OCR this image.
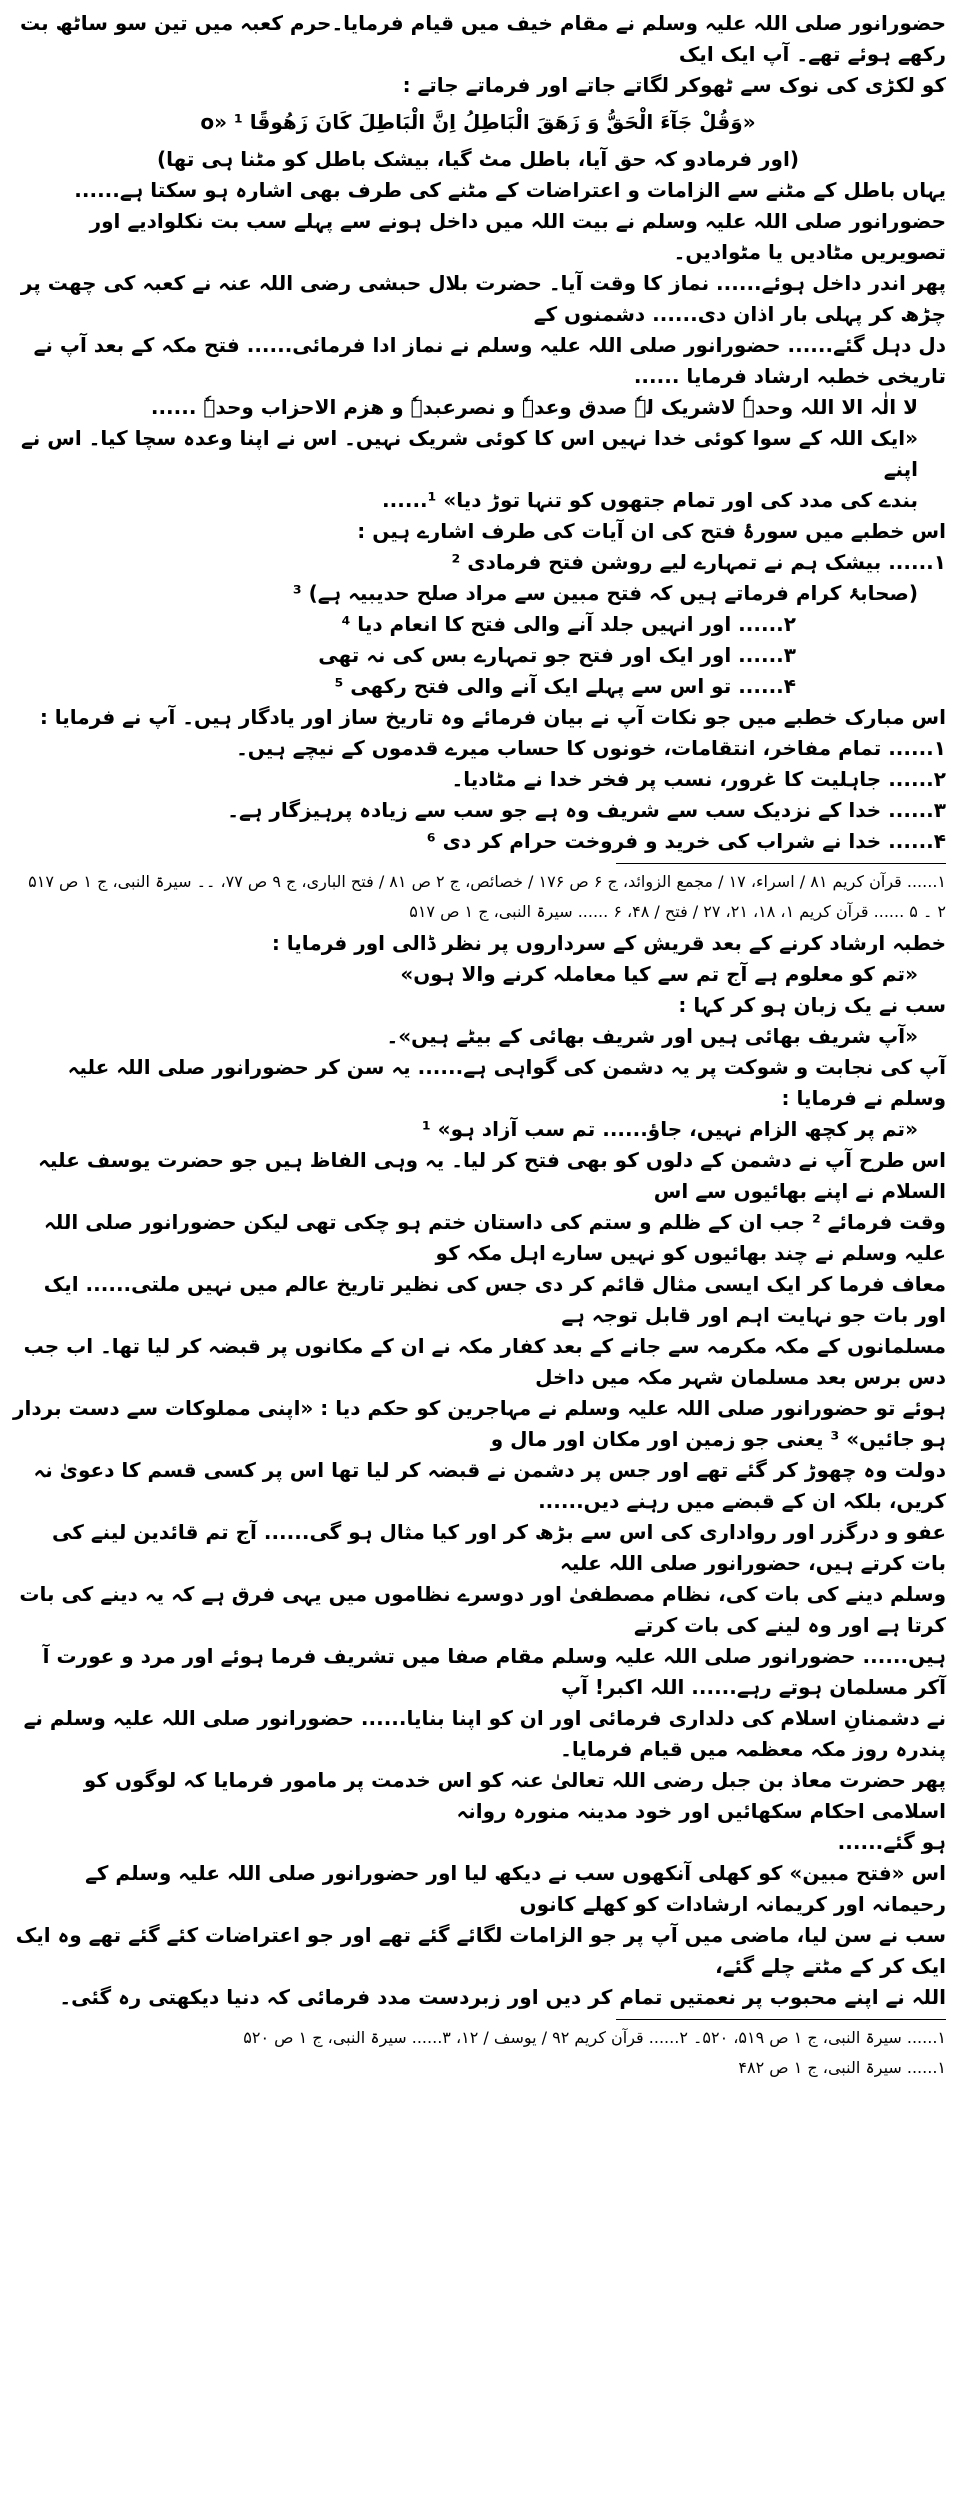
حضورانور صلی اللہ علیہ وسلم نے مقام خیف میں قیام فرمایا۔حرم کعبہ میں تین سو ساٹھ بت رکھے ہوئے تھے۔ آپ ایک ایک

کو لکڑی کی نوک سے ٹھوکر لگاتے جاتے اور فرماتے جاتے :

«وَقُلْ جَآءَ الْحَقُّ وَ زَهَقَ الْبَاطِلُ اِنَّ الْبَاطِلَ كَانَ زَهُوقًا o» ¹

(اور فرمادو کہ حق آیا، باطل مٹ گیا، بیشک باطل کو مٹنا ہی تھا)

یہاں باطل کے مٹنے سے الزامات و اعتراضات کے مٹنے کی طرف بھی اشارہ ہو سکتا ہے......

حضورانور صلی اللہ علیہ وسلم نے بیت اللہ میں داخل ہونے سے پہلے سب بت نکلوادیے اور تصویریں مٹادیں یا مٹوادیں۔

پھر اندر داخل ہوئے...... نماز کا وقت آیا۔ حضرت بلال حبشی رضی اللہ عنہ نے کعبہ کی چھت پر چڑھ کر پہلی بار اذان دی...... دشمنوں کے

دل دہل گئے...... حضورانور صلی اللہ علیہ وسلم نے نماز ادا فرمائی...... فتح مکہ کے بعد آپ نے تاریخی خطبہ ارشاد فرمایا ......

لا الٰہ الا اللہ وحدہٗ لاشریک لہٗ صدق وعدہٗ و نصرعبدہٗ و ھزم الاحزاب وحدہٗ ......

«ایک اللہ کے سوا کوئی خدا نہیں اس کا کوئی شریک نہیں۔ اس نے اپنا وعدہ سچا کیا۔ اس نے اپنے

بندے کی مدد کی اور تمام جتھوں کو تنہا توڑ دیا» ¹......

اس خطبے میں سورۂ فتح کی ان آیات کی طرف اشارے ہیں :

۱...... بیشک ہم نے تمہارے لیے روشن فتح فرمادی ²

(صحابۂ کرام فرماتے ہیں کہ فتح مبین سے مراد صلح حدیبیہ ہے) ³

۲...... اور انہیں جلد آنے والی فتح کا انعام دیا ⁴

۳...... اور ایک اور فتح جو تمہارے بس کی نہ تھی

۴...... تو اس سے پہلے ایک آنے والی فتح رکھی ⁵

اس مبارک خطبے میں جو نکات آپ نے بیان فرمائے وہ تاریخ ساز اور یادگار ہیں۔ آپ نے فرمایا :

۱...... تمام مفاخر، انتقامات، خونوں کا حساب میرے قدموں کے نیچے ہیں۔

۲...... جاہلیت کا غرور، نسب پر فخر خدا نے مٹادیا۔

۳...... خدا کے نزدیک سب سے شریف وہ ہے جو سب سے زیادہ پرہیزگار ہے۔

۴...... خدا نے شراب کی خرید و فروخت حرام کر دی ⁶

۱...... قرآن کریم ۸۱ / اسراء، ۱۷ / مجمع الزوائد، ج ۶ ص ۱۷۶ / خصائص، ج ۲ ص ۸۱ / فتح الباری، ج ۹ ص ۷۷، ۔۔ سیرۃ النبی، ج ۱ ص ۵۱۷

۲ ۔ ۵ ...... قرآن کریم ۱، ۱۸، ۲۱، ۲۷ / فتح / ۴۸، ۶ ...... سیرۃ النبی، ج ۱ ص ۵۱۷

خطبہ ارشاد کرنے کے بعد قریش کے سرداروں پر نظر ڈالی اور فرمایا :

«تم کو معلوم ہے آج تم سے کیا معاملہ کرنے والا ہوں»

سب نے یک زبان ہو کر کہا :

«آپ شریف بھائی ہیں اور شریف بھائی کے بیٹے ہیں»۔

آپ کی نجابت و شوکت پر یہ دشمن کی گواہی ہے...... یہ سن کر حضورانور صلی اللہ علیہ وسلم نے فرمایا :

«تم پر کچھ الزام نہیں، جاؤ...... تم سب آزاد ہو» ¹

اس طرح آپ نے دشمن کے دلوں کو بھی فتح کر لیا۔ یہ وہی الفاظ ہیں جو حضرت یوسف علیہ السلام نے اپنے بھائیوں سے اس

وقت فرمائے ² جب ان کے ظلم و ستم کی داستان ختم ہو چکی تھی لیکن حضورانور صلی اللہ علیہ وسلم نے چند بھائیوں کو نہیں سارے اہل مکہ کو

معاف فرما کر ایک ایسی مثال قائم کر دی جس کی نظیر تاریخ عالم میں نہیں ملتی...... ایک اور بات جو نہایت اہم اور قابل توجہ ہے

مسلمانوں کے مکہ مکرمہ سے جانے کے بعد کفار مکہ نے ان کے مکانوں پر قبضہ کر لیا تھا۔ اب جب دس برس بعد مسلمان شہر مکہ میں داخل

ہوئے تو حضورانور صلی اللہ علیہ وسلم نے مہاجرین کو حکم دیا : «اپنی مملوکات سے دست بردار ہو جائیں» ³ یعنی جو زمین اور مکان اور مال و

دولت وہ چھوڑ کر گئے تھے اور جس پر دشمن نے قبضہ کر لیا تھا اس پر کسی قسم کا دعویٰ نہ کریں، بلکہ ان کے قبضے میں رہنے دیں......

عفو و درگزر اور رواداری کی اس سے بڑھ کر اور کیا مثال ہو گی...... آج تم قائدین لینے کی بات کرتے ہیں، حضورانور صلی اللہ علیہ

وسلم دینے کی بات کی، نظام مصطفیٰ اور دوسرے نظاموں میں یہی فرق ہے کہ یہ دینے کی بات کرتا ہے اور وہ لینے کی بات کرتے

ہیں...... حضورانور صلی اللہ علیہ وسلم مقام صفا میں تشریف فرما ہوئے اور مرد و عورت آ آکر مسلمان ہوتے رہے...... اللہ اکبر! آپ

نے دشمنانِ اسلام کی دلداری فرمائی اور ان کو اپنا بنایا...... حضورانور صلی اللہ علیہ وسلم نے پندرہ روز مکہ معظمہ میں قیام فرمایا۔

پھر حضرت معاذ بن جبل رضی اللہ تعالیٰ عنہ کو اس خدمت پر مامور فرمایا کہ لوگوں کو اسلامی احکام سکھائیں اور خود مدینہ منورہ روانہ

ہو گئے......

اس «فتح مبین» کو کھلی آنکھوں سب نے دیکھ لیا اور حضورانور صلی اللہ علیہ وسلم کے رحیمانہ اور کریمانہ ارشادات کو کھلے کانوں

سب نے سن لیا، ماضی میں آپ پر جو الزامات لگائے گئے تھے اور جو اعتراضات کئے گئے تھے وہ ایک ایک کر کے مٹتے چلے گئے،

اللہ نے اپنے محبوب پر نعمتیں تمام کر دیں اور زبردست مدد فرمائی کہ دنیا دیکھتی رہ گئی۔

۱...... سیرۃ النبی، ج ۱ ص ۵۱۹، ۵۲۰۔ ۲...... قرآن کریم ۹۲ / یوسف / ۱۲، ۳...... سیرۃ النبی، ج ۱ ص ۵۲۰

۱...... سیرۃ النبی، ج ۱ ص ۴۸۲
